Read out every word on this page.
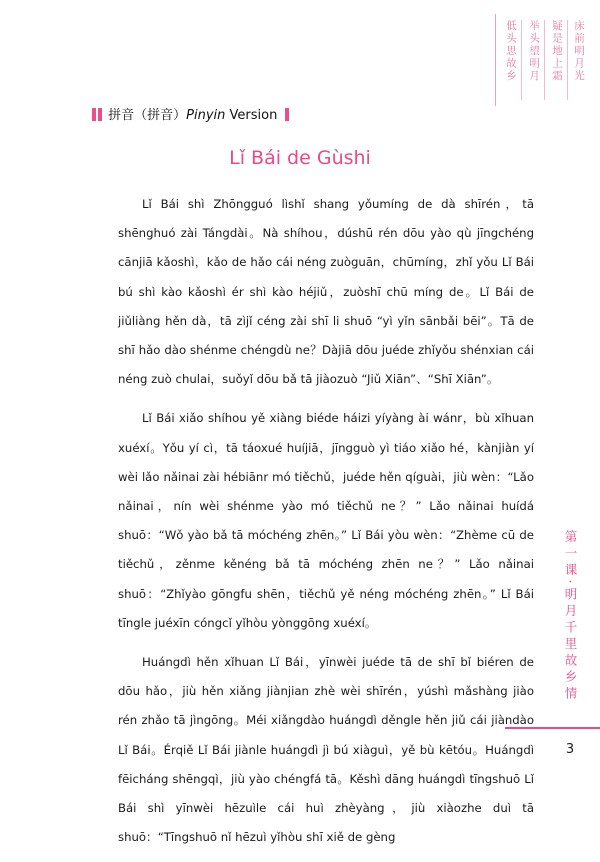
床前明月光
疑是地上霜
举头望明月
低头思故乡
拼音（拼音）Pinyin Version
Lǐ Bái de Gùshi

Lǐ Bái shì Zhōngguó lìshǐ shang yǒumíng de dà shīrén，tā shēnghuó zài Tángdài。Nà shíhou，dúshū rén dōu yào qù jīngchéng cānjiā kǎoshì，kǎo de hǎo cái néng zuòguān，chūmíng，zhǐ yǒu Lǐ Bái bú shì kào kǎoshì ér shì kào héjiǔ，zuòshī chū míng de。Lǐ Bái de jiǔliàng hěn dà，tā zìjǐ céng zài shī li shuō “yì yǐn sānbǎi bēi”。Tā de shī hǎo dào shénme chéngdù ne？Dàjiā dōu juéde zhǐyǒu shénxian cái néng zuò chulai，suǒyǐ dōu bǎ tā jiàozuò “Jiǔ Xiān”、“Shī Xiān”。

Lǐ Bái xiǎo shíhou yě xiàng biéde háizi yíyàng ài wánr，bù xǐhuan xuéxí。Yǒu yí cì，tā táoxué huíjiā，jīngguò yì tiáo xiǎo hé，kànjiàn yí wèi lǎo nǎinai zài hébiānr mó tiěchǔ，juéde hěn qíguài，jiù wèn：“Lǎo nǎinai，nín wèi shénme yào mó tiěchǔ ne？” Lǎo nǎinai huídá shuō：“Wǒ yào bǎ tā móchéng zhēn。” Lǐ Bái yòu wèn：“Zhème cū de tiěchǔ，zěnme kěnéng bǎ tā móchéng zhēn ne？” Lǎo nǎinai shuō：“Zhǐyào gōngfu shēn，tiěchǔ yě néng móchéng zhēn。” Lǐ Bái tīngle juéxīn cóngcǐ yǐhòu yònggōng xuéxí。

Huángdì hěn xǐhuan Lǐ Bái，yīnwèi juéde tā de shī bǐ biéren de dōu hǎo，jiù hěn xiǎng jiànjian zhè wèi shīrén，yúshì mǎshàng jiào rén zhǎo tā jìngōng。Méi xiǎngdào huángdì děngle hěn jiǔ cái jiàndào Lǐ Bái。Érqiě Lǐ Bái jiànle huángdì jì bú xiàguì，yě bù kētóu。Huángdì fēicháng shēngqì，jiù yào chéngfá tā。Kěshì dāng huángdì tīngshuō Lǐ Bái shì yīnwèi hēzuìle cái huì zhèyàng，jiù xiàozhe duì tā shuō：“Tīngshuō nǐ hēzuì yǐhòu shī xiě de gèng

第一课·明月千里故乡情
3
